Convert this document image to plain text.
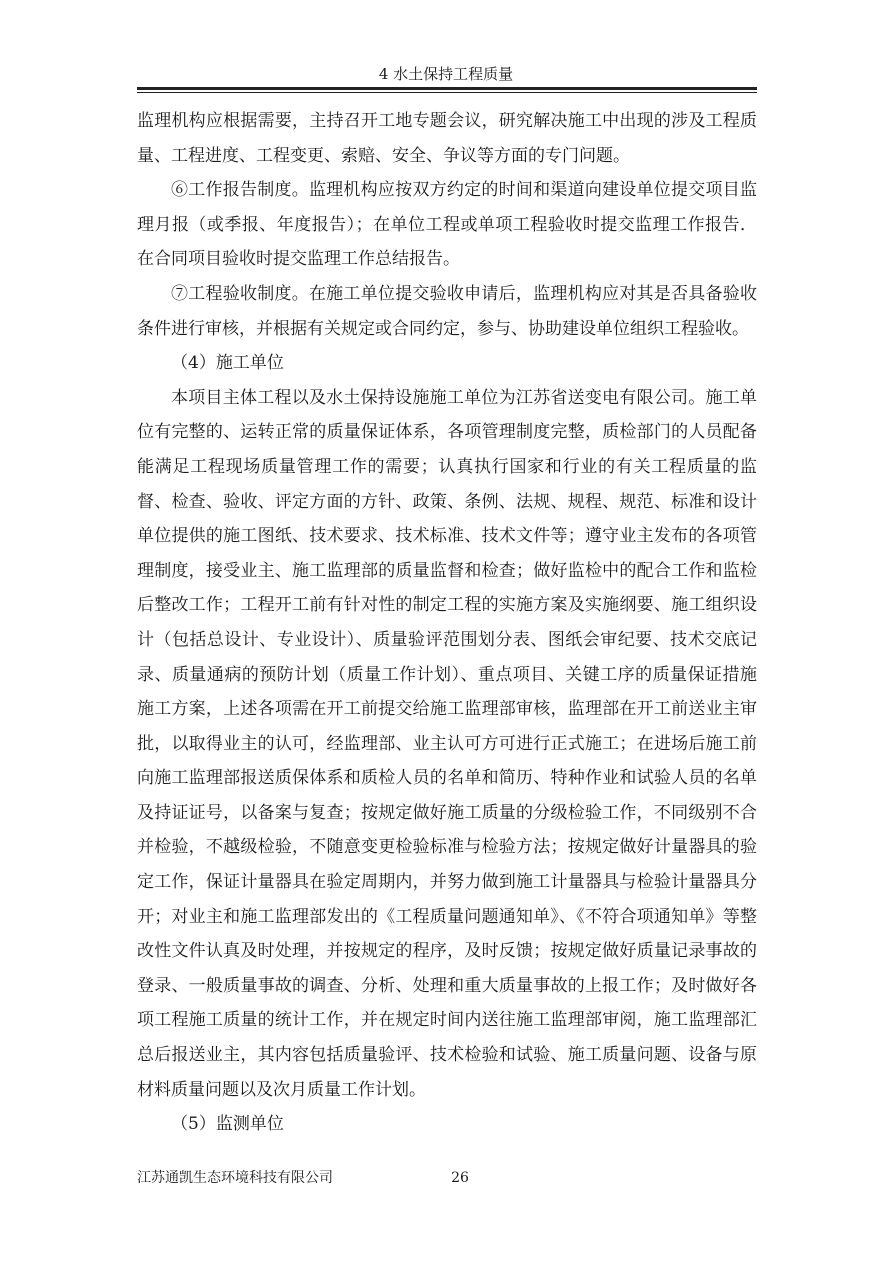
4 水土保持工程质量

监理机构应根据需要，主持召开工地专题会议，研究解决施工中出现的涉及工程质量、工程进度、工程变更、索赔、安全、争议等方面的专门问题。

⑥工作报告制度。监理机构应按双方约定的时间和渠道向建设单位提交项目监理月报（或季报、年度报告）；在单位工程或单项工程验收时提交监理工作报告．在合同项目验收时提交监理工作总结报告。

⑦工程验收制度。在施工单位提交验收申请后，监理机构应对其是否具备验收条件进行审核，并根据有关规定或合同约定，参与、协助建设单位组织工程验收。

（4）施工单位

本项目主体工程以及水土保持设施施工单位为江苏省送变电有限公司。施工单位有完整的、运转正常的质量保证体系，各项管理制度完整，质检部门的人员配备能满足工程现场质量管理工作的需要；认真执行国家和行业的有关工程质量的监督、检查、验收、评定方面的方针、政策、条例、法规、规程、规范、标准和设计单位提供的施工图纸、技术要求、技术标准、技术文件等；遵守业主发布的各项管理制度，接受业主、施工监理部的质量监督和检查；做好监检中的配合工作和监检后整改工作；工程开工前有针对性的制定工程的实施方案及实施纲要、施工组织设计（包括总设计、专业设计）、质量验评范围划分表、图纸会审纪要、技术交底记录、质量通病的预防计划（质量工作计划）、重点项目、关键工序的质量保证措施施工方案，上述各项需在开工前提交给施工监理部审核，监理部在开工前送业主审批，以取得业主的认可，经监理部、业主认可方可进行正式施工；在进场后施工前向施工监理部报送质保体系和质检人员的名单和简历、特种作业和试验人员的名单及持证证号，以备案与复查；按规定做好施工质量的分级检验工作，不同级别不合并检验，不越级检验，不随意变更检验标准与检验方法；按规定做好计量器具的验定工作，保证计量器具在验定周期内，并努力做到施工计量器具与检验计量器具分开；对业主和施工监理部发出的《工程质量问题通知单》、《不符合项通知单》等整改性文件认真及时处理，并按规定的程序，及时反馈；按规定做好质量记录事故的登录、一般质量事故的调查、分析、处理和重大质量事故的上报工作；及时做好各项工程施工质量的统计工作，并在规定时间内送往施工监理部审阅，施工监理部汇总后报送业主，其内容包括质量验评、技术检验和试验、施工质量问题、设备与原材料质量问题以及次月质量工作计划。

（5）监测单位

江苏通凯生态环境科技有限公司	26
